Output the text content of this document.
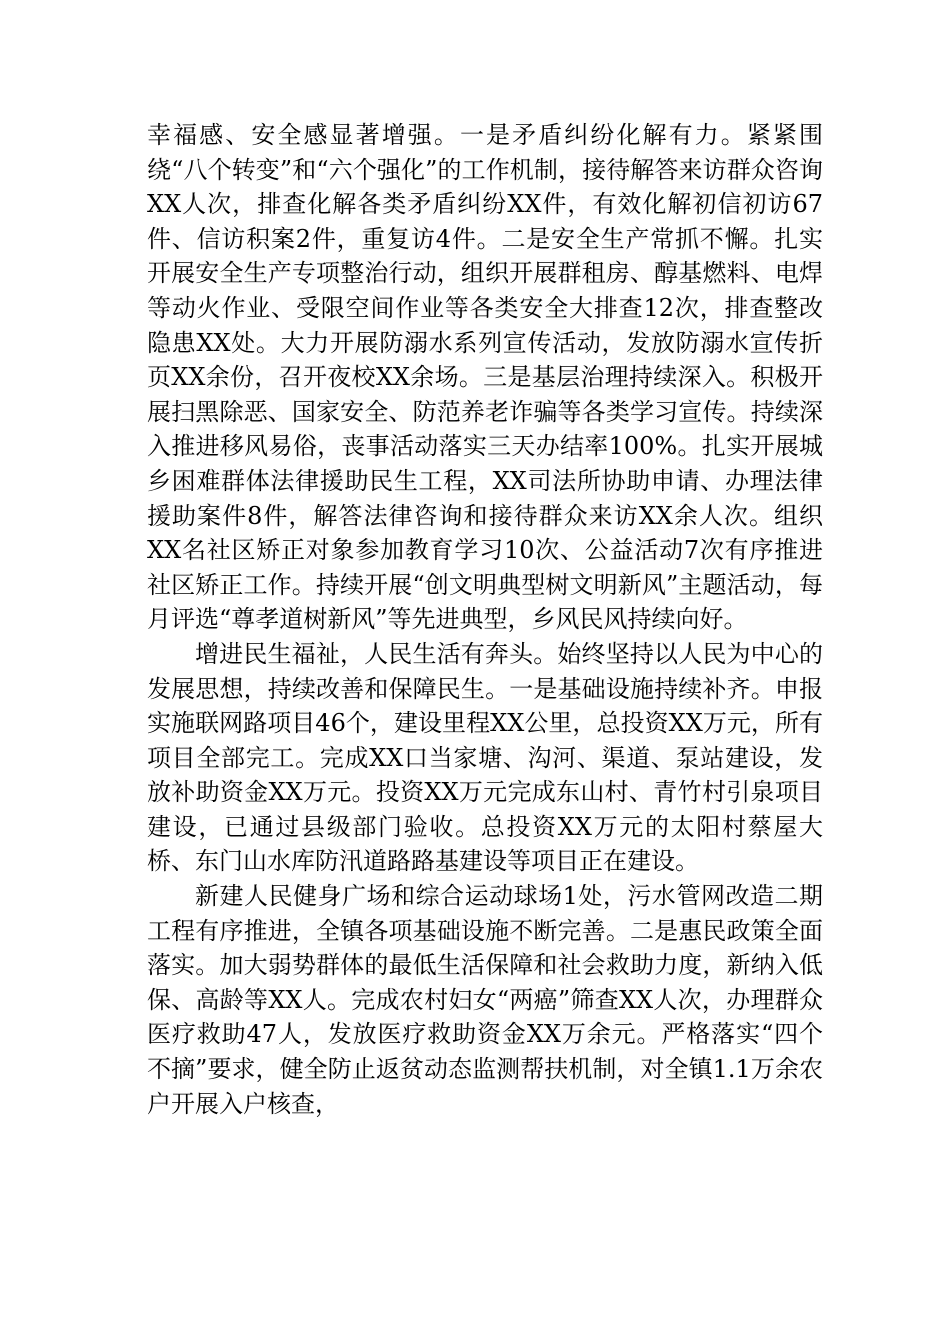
幸福感、安全感显著增强。一是矛盾纠纷化解有力。紧紧围绕“八个转变”和“六个强化”的工作机制，接待解答来访群众咨询XX人次，排查化解各类矛盾纠纷XX件，有效化解初信初访67件、信访积案2件，重复访4件。二是安全生产常抓不懈。扎实开展安全生产专项整治行动，组织开展群租房、醇基燃料、电焊等动火作业、受限空间作业等各类安全大排查12次，排查整改隐患XX处。大力开展防溺水系列宣传活动，发放防溺水宣传折页XX余份，召开夜校XX余场。三是基层治理持续深入。积极开展扫黑除恶、国家安全、防范养老诈骗等各类学习宣传。持续深入推进移风易俗，丧事活动落实三天办结率100%。扎实开展城乡困难群体法律援助民生工程，XX司法所协助申请、办理法律援助案件8件，解答法律咨询和接待群众来访XX余人次。组织XX名社区矫正对象参加教育学习10次、公益活动7次有序推进社区矫正工作。持续开展“创文明典型树文明新风”主题活动，每月评选“尊孝道树新风”等先进典型，乡风民风持续向好。

增进民生福祉，人民生活有奔头。始终坚持以人民为中心的发展思想，持续改善和保障民生。一是基础设施持续补齐。申报实施联网路项目46个，建设里程XX公里，总投资XX万元，所有项目全部完工。完成XX口当家塘、沟河、渠道、泵站建设，发放补助资金XX万元。投资XX万元完成东山村、青竹村引泉项目建设，已通过县级部门验收。总投资XX万元的太阳村蔡屋大桥、东门山水库防汛道路路基建设等项目正在建设。

新建人民健身广场和综合运动球场1处，污水管网改造二期工程有序推进，全镇各项基础设施不断完善。二是惠民政策全面落实。加大弱势群体的最低生活保障和社会救助力度，新纳入低保、高龄等XX人。完成农村妇女“两癌”筛查XX人次，办理群众医疗救助47人，发放医疗救助资金XX万余元。严格落实“四个不摘”要求，健全防止返贫动态监测帮扶机制，对全镇1.1万余农户开展入户核查，
